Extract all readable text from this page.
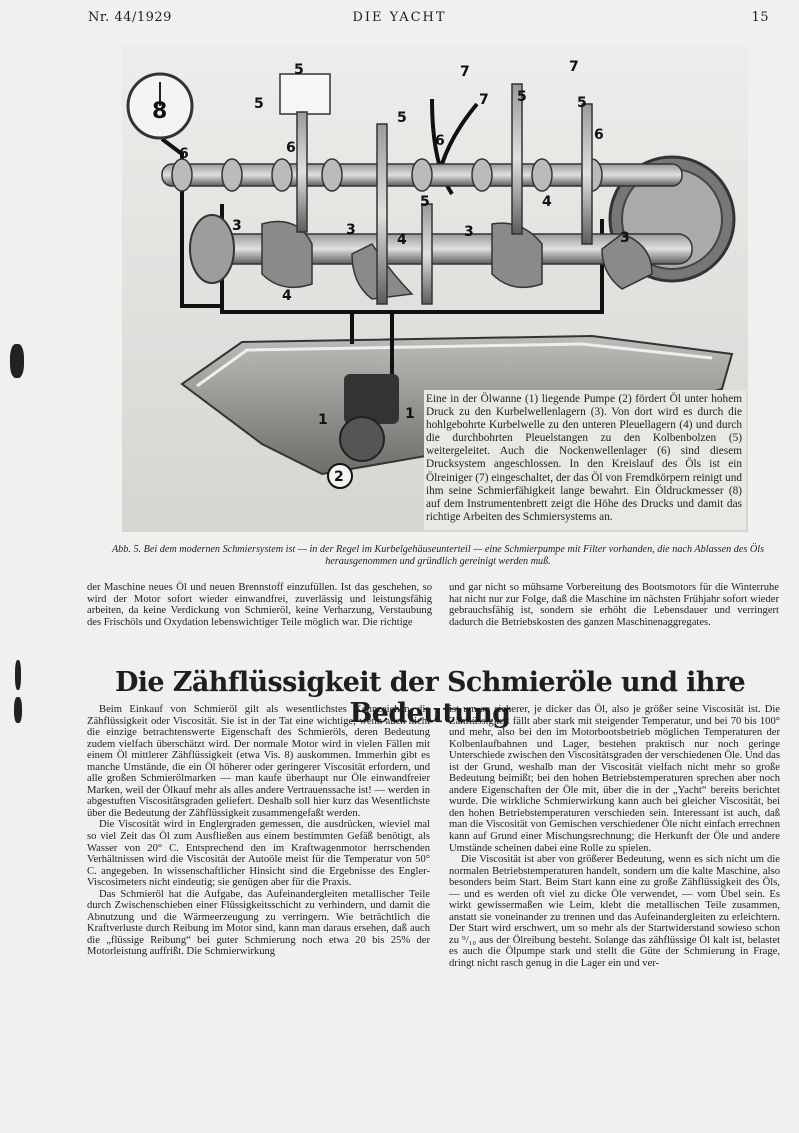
Nr. 44/1929	DIE YACHT	15
5
5
5
5	5
5
7
7
7
6	6	6	6
3	3	3	3
4
4
4
1
1
8
2
Eine in der Ölwanne (1) liegende Pumpe (2) fördert Öl unter hohem Druck zu den Kurbelwellenlagern (3). Von dort wird es durch die hohlgebohrte Kurbelwelle zu den unteren Pleuellagern (4) und durch die durchbohrten Pleuelstangen zu den Kolbenbolzen (5) weitergeleitet. Auch die Nockenwellenlager (6) sind diesem Drucksystem angeschlossen. In den Kreislauf des Öls ist ein Ölreiniger (7) eingeschaltet, der das Öl von Fremdkörpern reinigt und ihm seine Schmierfähigkeit lange bewahrt. Ein Öldruckmesser (8) auf dem Instrumentenbrett zeigt die Höhe des Drucks und damit das richtige Arbeiten des Schmiersystems an.
Abb. 5. Bei dem modernen Schmiersystem ist — in der Regel im Kurbelgehäuseunterteil — eine Schmierpumpe mit Filter vorhanden, die nach Ablassen des Öls herausgenommen und gründlich gereinigt werden muß.

der Maschine neues Öl und neuen Brennstoff einzufüllen. Ist das geschehen, so wird der Motor sofort wieder einwandfrei, zuverlässig und leistungsfähig arbeiten, da keine Verdickung von Schmieröl, keine Verharzung, Verstaubung des Frischöls und Oxydation lebenswichtiger Teile möglich war. Die richtige

und gar nicht so mühsame Vorbereitung des Bootsmotors für die Winterruhe hat nicht nur zur Folge, daß die Maschine im nächsten Frühjahr sofort wieder gebrauchsfähig ist, sondern sie erhöht die Lebensdauer und verringert dadurch die Betriebskosten des ganzen Maschinenaggregates.

Die Zähflüssigkeit der Schmieröle und ihre Bedeutung

Beim Einkauf von Schmieröl gilt als wesentlichstes Kennzeichen die Zähflüssigkeit oder Viscosität. Sie ist in der Tat eine wichtige, wenn auch nicht die einzige betrachtenswerte Eigenschaft des Schmieröls, deren Bedeutung zudem vielfach überschätzt wird. Der normale Motor wird in vielen Fällen mit einem Öl mittlerer Zähflüssigkeit (etwa Vis. 8) auskommen. Immerhin gibt es manche Umstände, die ein Öl höherer oder geringerer Viscosität erfordern, und alle großen Schmierölmarken — man kaufe überhaupt nur Öle einwandfreier Marken, weil der Ölkauf mehr als alles andere Vertrauenssache ist! — werden in abgestuften Viscositätsgraden geliefert. Deshalb soll hier kurz das Wesentlichste über die Bedeutung der Zähflüssigkeit zusammengefaßt werden.

Die Viscosität wird in Englergraden gemessen, die ausdrücken, wieviel mal so viel Zeit das Öl zum Ausfließen aus einem bestimmten Gefäß benötigt, als Wasser von 20° C. Entsprechend den im Kraftwagenmotor herrschenden Verhältnissen wird die Viscosität der Autoöle meist für die Temperatur von 50° C. angegeben. In wissenschaftlicher Hinsicht sind die Ergebnisse des Engler-Viscosimeters nicht eindeutig; sie genügen aber für die Praxis.

Das Schmieröl hat die Aufgabe, das Aufeinandergleiten metallischer Teile durch Zwischenschieben einer Flüssigkeitsschicht zu verhindern, und damit die Abnutzung und die Wärmeerzeugung zu verringern. Wie beträchtlich die Kraftverluste durch Reibung im Motor sind, kann man daraus ersehen, daß auch die „flüssige Reibung“ bei guter Schmierung noch etwa 20 bis 25% der Motorleistung auffrißt. Die Schmierwirkung

ist um so sicherer, je dicker das Öl, also je größer seine Viscosität ist. Die Zähflüssigkeit fällt aber stark mit steigender Temperatur, und bei 70 bis 100° und mehr, also bei den im Motorbootsbetrieb möglichen Temperaturen der Kolbenlaufbahnen und Lager, bestehen praktisch nur noch geringe Unterschiede zwischen den Viscositätsgraden der verschiedenen Öle. Und das ist der Grund, weshalb man der Viscosität vielfach nicht mehr so große Bedeutung beimißt; bei den hohen Betriebstemperaturen sprechen aber noch andere Eigenschaften der Öle mit, über die in der „Yacht“ bereits berichtet wurde. Die wirkliche Schmierwirkung kann auch bei gleicher Viscosität, bei den hohen Betriebstemperaturen verschieden sein. Interessant ist auch, daß man die Viscosität von Gemischen verschiedener Öle nicht einfach errechnen kann auf Grund einer Mischungsrechnung; die Herkunft der Öle und andere Umstände scheinen dabei eine Rolle zu spielen.

Die Viscosität ist aber von größerer Bedeutung, wenn es sich nicht um die normalen Betriebstemperaturen handelt, sondern um die kalte Maschine, also besonders beim Start. Beim Start kann eine zu große Zähflüssigkeit des Öls, — und es werden oft viel zu dicke Öle verwendet, — vom Übel sein. Es wirkt gewissermaßen wie Leim, klebt die metallischen Teile zusammen, anstatt sie voneinander zu trennen und das Aufeinandergleiten zu erleichtern. Der Start wird erschwert, um so mehr als der Startwiderstand sowieso schon zu ⁹/₁₀ aus der Ölreibung besteht. Solange das zähflüssige Öl kalt ist, belastet es auch die Ölpumpe stark und stellt die Güte der Schmierung in Frage, dringt nicht rasch genug in die Lager ein und ver-
